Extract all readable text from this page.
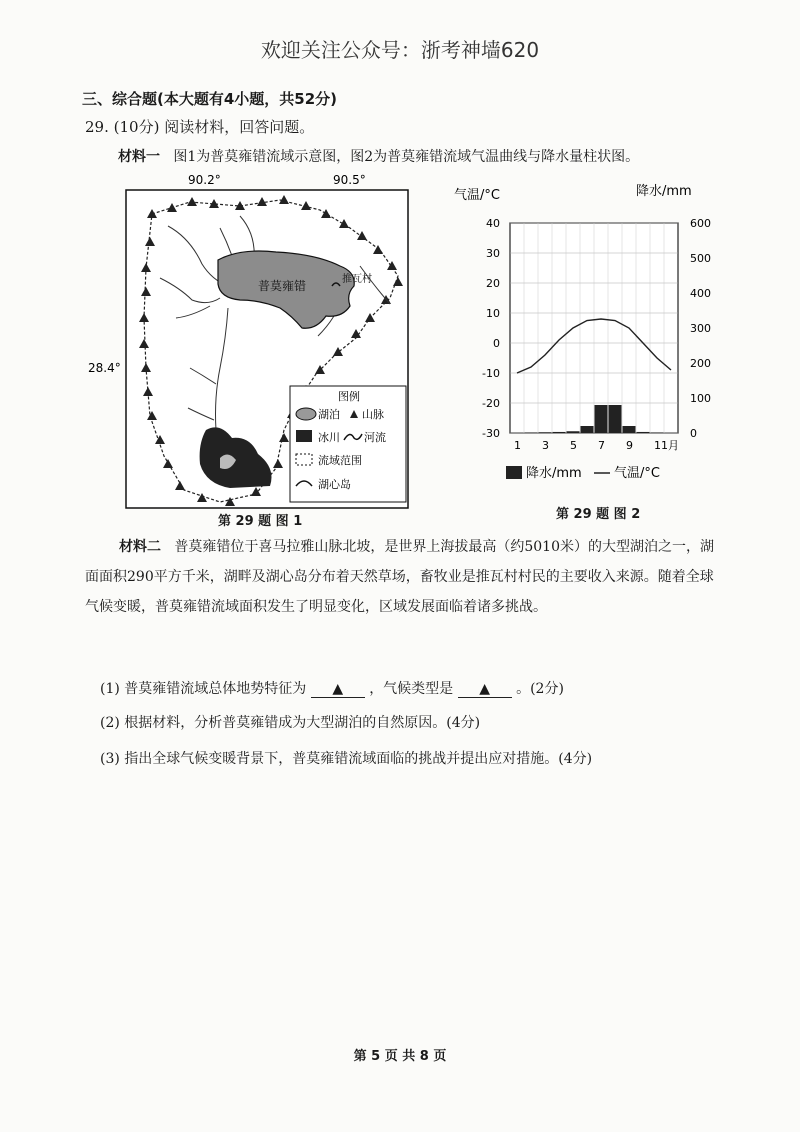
欢迎关注公众号：浙考神墙620
三、综合题(本大题有4小题，共52分)
29. (10分) 阅读材料，回答问题。
材料一 图1为普莫雍错流域示意图，图2为普莫雍错流域气温曲线与降水量柱状图。
90.2°	90.5°
28.4°
普莫雍错	推瓦村
图例
湖泊 山脉
冰川 河流
流域范围
湖心岛
第 29 题 图 1
气温/°C	降水/mm
40
30
20
10
0
-10
-20
-30
600
500
400
300
200
100
0
1 3 5 7 9 11月
降水/mm 气温/°C
第 29 题 图 2
材料二 普莫雍错位于喜马拉雅山脉北坡，是世界上海拔最高（约5010米）的大型湖泊之一，湖面面积290平方千米，湖畔及湖心岛分布着天然草场，畜牧业是推瓦村村民的主要收入来源。随着全球气候变暖，普莫雍错流域面积发生了明显变化，区域发展面临着诸多挑战。
(1) 普莫雍错流域总体地势特征为 ▲ ，气候类型是 ▲ 。(2分)
(2) 根据材料，分析普莫雍错成为大型湖泊的自然原因。(4分)
(3) 指出全球气候变暖背景下，普莫雍错流域面临的挑战并提出应对措施。(4分)
第 5 页 共 8 页
